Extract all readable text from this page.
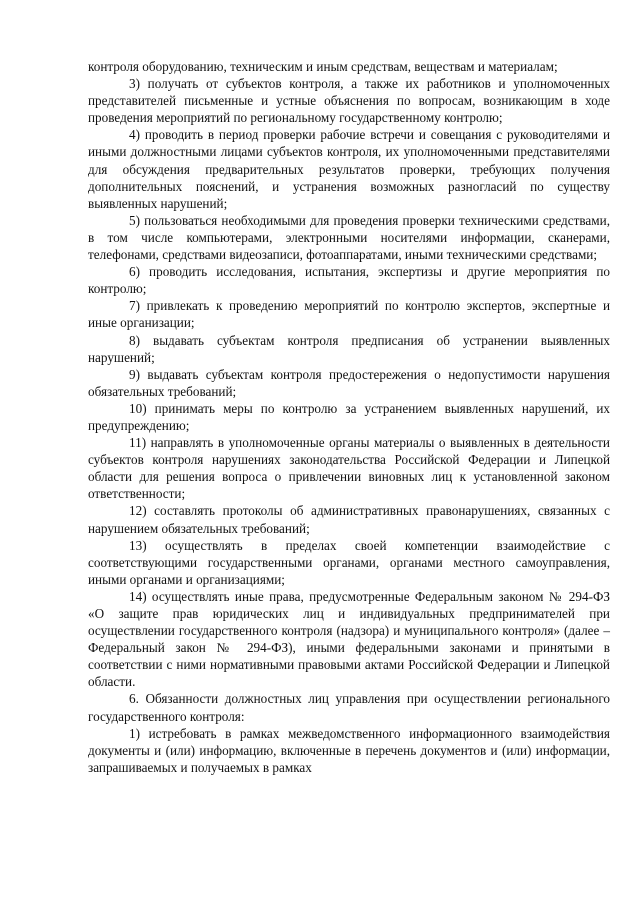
контроля оборудованию, техническим и иным средствам, веществам и материалам;

3) получать от субъектов контроля, а также их работников и уполномоченных представителей письменные и устные объяснения по вопросам, возникающим в ходе проведения мероприятий по региональному государственному контролю;

4) проводить в период проверки рабочие встречи и совещания с руководителями и иными должностными лицами субъектов контроля, их уполномоченными представителями для обсуждения предварительных результатов проверки, требующих получения дополнительных пояснений, и устранения возможных разногласий по существу выявленных нарушений;

5) пользоваться необходимыми для проведения проверки техническими средствами, в том числе компьютерами, электронными носителями информации, сканерами, телефонами, средствами видеозаписи, фотоаппаратами, иными техническими средствами;

6) проводить исследования, испытания, экспертизы и другие мероприятия по контролю;

7) привлекать к проведению мероприятий по контролю экспертов, экспертные и иные организации;

8) выдавать субъектам контроля предписания об устранении выявленных нарушений;

9) выдавать субъектам контроля предостережения о недопустимости нарушения обязательных требований;

10) принимать меры по контролю за устранением выявленных нарушений, их предупреждению;

11) направлять в уполномоченные органы материалы о выявленных в деятельности субъектов контроля нарушениях законодательства Российской Федерации и Липецкой области для решения вопроса о привлечении виновных лиц к установленной законом ответственности;

12) составлять протоколы об административных правонарушениях, связанных с нарушением обязательных требований;

13) осуществлять в пределах своей компетенции взаимодействие с соответствующими государственными органами, органами местного самоуправления, иными органами и организациями;

14) осуществлять иные права, предусмотренные Федеральным законом № 294-ФЗ «О защите прав юридических лиц и индивидуальных предпринимателей при осуществлении государственного контроля (надзора) и муниципального контроля» (далее – Федеральный закон № 294-ФЗ), иными федеральными законами и принятыми в соответствии с ними нормативными правовыми актами Российской Федерации и Липецкой области.

6. Обязанности должностных лиц управления при осуществлении регионального государственного контроля:

1) истребовать в рамках межведомственного информационного взаимодействия документы и (или) информацию, включенные в перечень документов и (или) информации, запрашиваемых и получаемых в рамках
